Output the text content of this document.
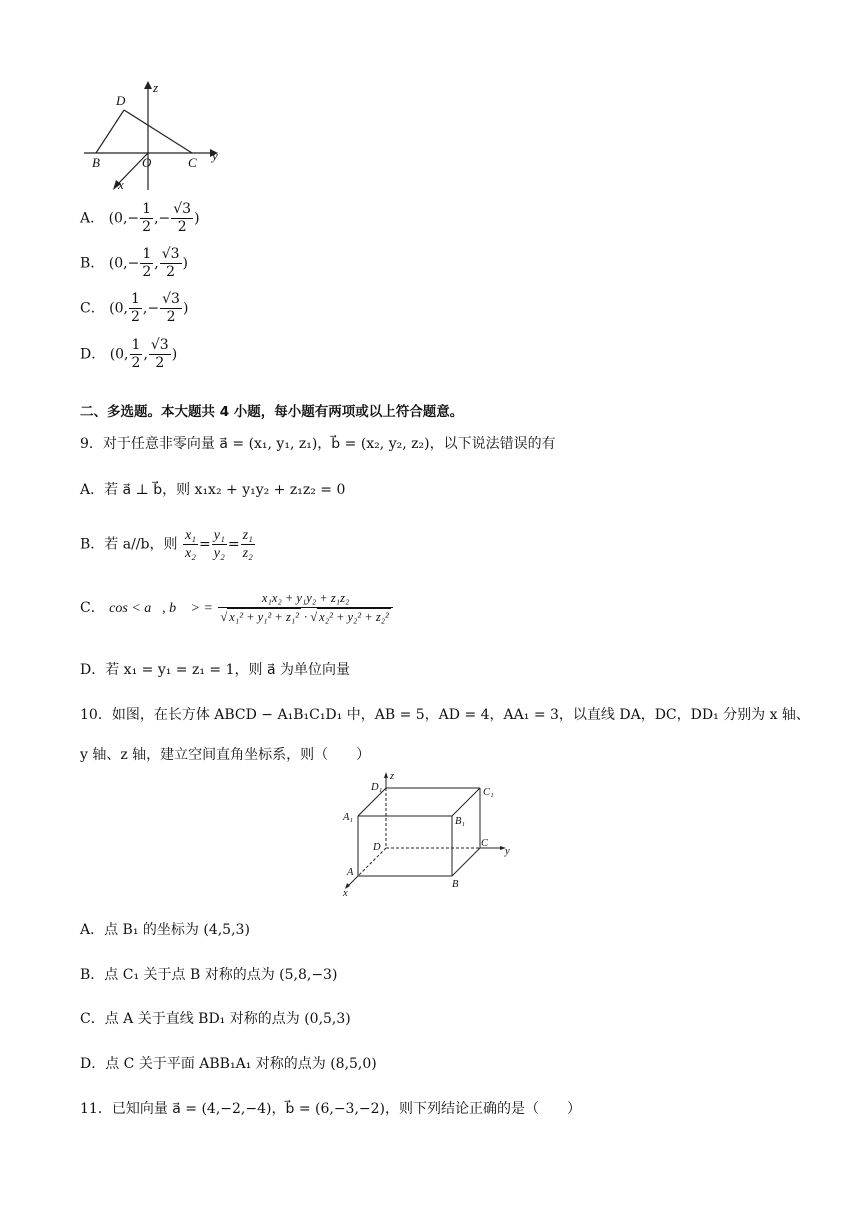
D
z
B	O	C y
x
A． ($0,- \frac{1}{2}$ ,− $\frac{√3}{2}$ )
B． ($0,- \frac{1}{2}$ , $\frac{√3}{2}$ )
C． (0, $\frac{1}{2}$ ,− $\frac{√3}{2}$ )
D． (0, $\frac{1}{2}$ , $\frac{√3}{2}$ )
二、多选题。本大题共 4 小题，每小题有两项或以上符合题意。
9．对于任意非零向量 a⃗ = (x₁, y₁, z₁)，b⃗ = (x₂, y₂, z₂)，以下说法错误的有
A．若 a⃗ ⊥ b⃗，则 x₁x₂ + y₁y₂ + z₁z₂ = 0
B．若 a//b，则 $\frac{\text{x₁}}{\text{x₂}} = \frac{\text{y₁}}{\text{y₂}} = \frac{\text{z₁}}{\text{z₂}}$
C． cos < a⃗, b⃗ > = x₁x₂ + y₁y₂ + z₁z₂
√ x₁² + y₁² + z₁² · √ x₂² + y₂² + z₂²
D．若 x₁ = y₁ = z₁ = 1，则 a⃗ 为单位向量
10．如图，在长方体 ABCD − A₁B₁C₁D₁ 中，AB = 5，AD = 4，AA₁ = 3，以直线 DA，DC，DD₁ 分别为 x 轴、
y 轴、z 轴，建立空间直角坐标系，则（　　）
D₁
z
C₁
A₁	B₁
D	C
y
A
B
x
A．点 B₁ 的坐标为 (4,5,3)
B．点 C₁ 关于点 B 对称的点为 (5,8,−3)
C．点 A 关于直线 BD₁ 对称的点为 (0,5,3)
D．点 C 关于平面 ABB₁A₁ 对称的点为 (8,5,0)
11．已知向量 a⃗ = (4,−2,−4)，b⃗ = (6,−3,−2)，则下列结论正确的是（　　）
